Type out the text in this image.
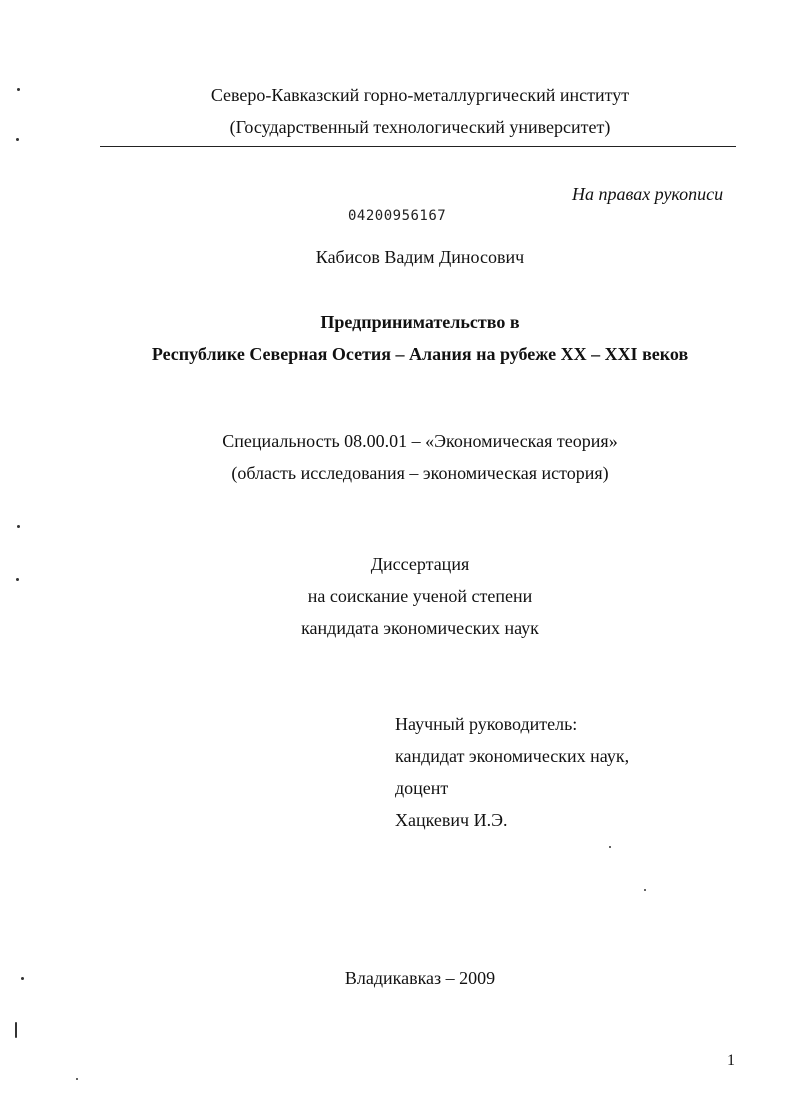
Северо-Кавказский горно-металлургический институт
(Государственный технологический университет)
На правах рукописи
04200956167
Кабисов Вадим Диносович
Предпринимательство в
Республике Северная Осетия – Алания на рубеже XX – XXI веков
Специальность 08.00.01 – «Экономическая теория»
(область исследования – экономическая история)
Диссертация
на соискание ученой степени
кандидата экономических наук
Научный руководитель:
кандидат экономических наук,
доцент
Хацкевич И.Э.
Владикавказ – 2009
1
